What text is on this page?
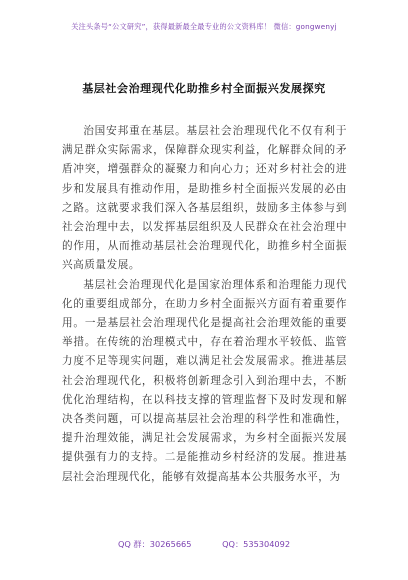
关注头条号“公文研究”，获得最新最全最专业的公文资料库！ 微信：gongwenyj
基层社会治理现代化助推乡村全面振兴发展探究

治国安邦重在基层。基层社会治理现代化不仅有利于满足群众实际需求，保障群众现实利益，化解群众间的矛盾冲突，增强群众的凝聚力和向心力；还对乡村社会的进步和发展具有推动作用，是助推乡村全面振兴发展的必由之路。这就要求我们深入各基层组织，鼓励多主体参与到社会治理中去，以发挥基层组织及人民群众在社会治理中的作用，从而推动基层社会治理现代化，助推乡村全面振兴高质量发展。

基层社会治理现代化是国家治理体系和治理能力现代化的重要组成部分，在助力乡村全面振兴方面有着重要作用。一是基层社会治理现代化是提高社会治理效能的重要举措。在传统的治理模式中，存在着治理水平较低、监管力度不足等现实问题，难以满足社会发展需求。推进基层社会治理现代化，积极将创新理念引入到治理中去，不断优化治理结构，在以科技支撑的管理监督下及时发现和解决各类问题，可以提高基层社会治理的科学性和准确性，提升治理效能，满足社会发展需求，为乡村全面振兴发展提供强有力的支持。二是能推动乡村经济的发展。推进基层社会治理现代化，能够有效提高基本公共服务水平，为

QQ 群：30265665	QQ：535304092
